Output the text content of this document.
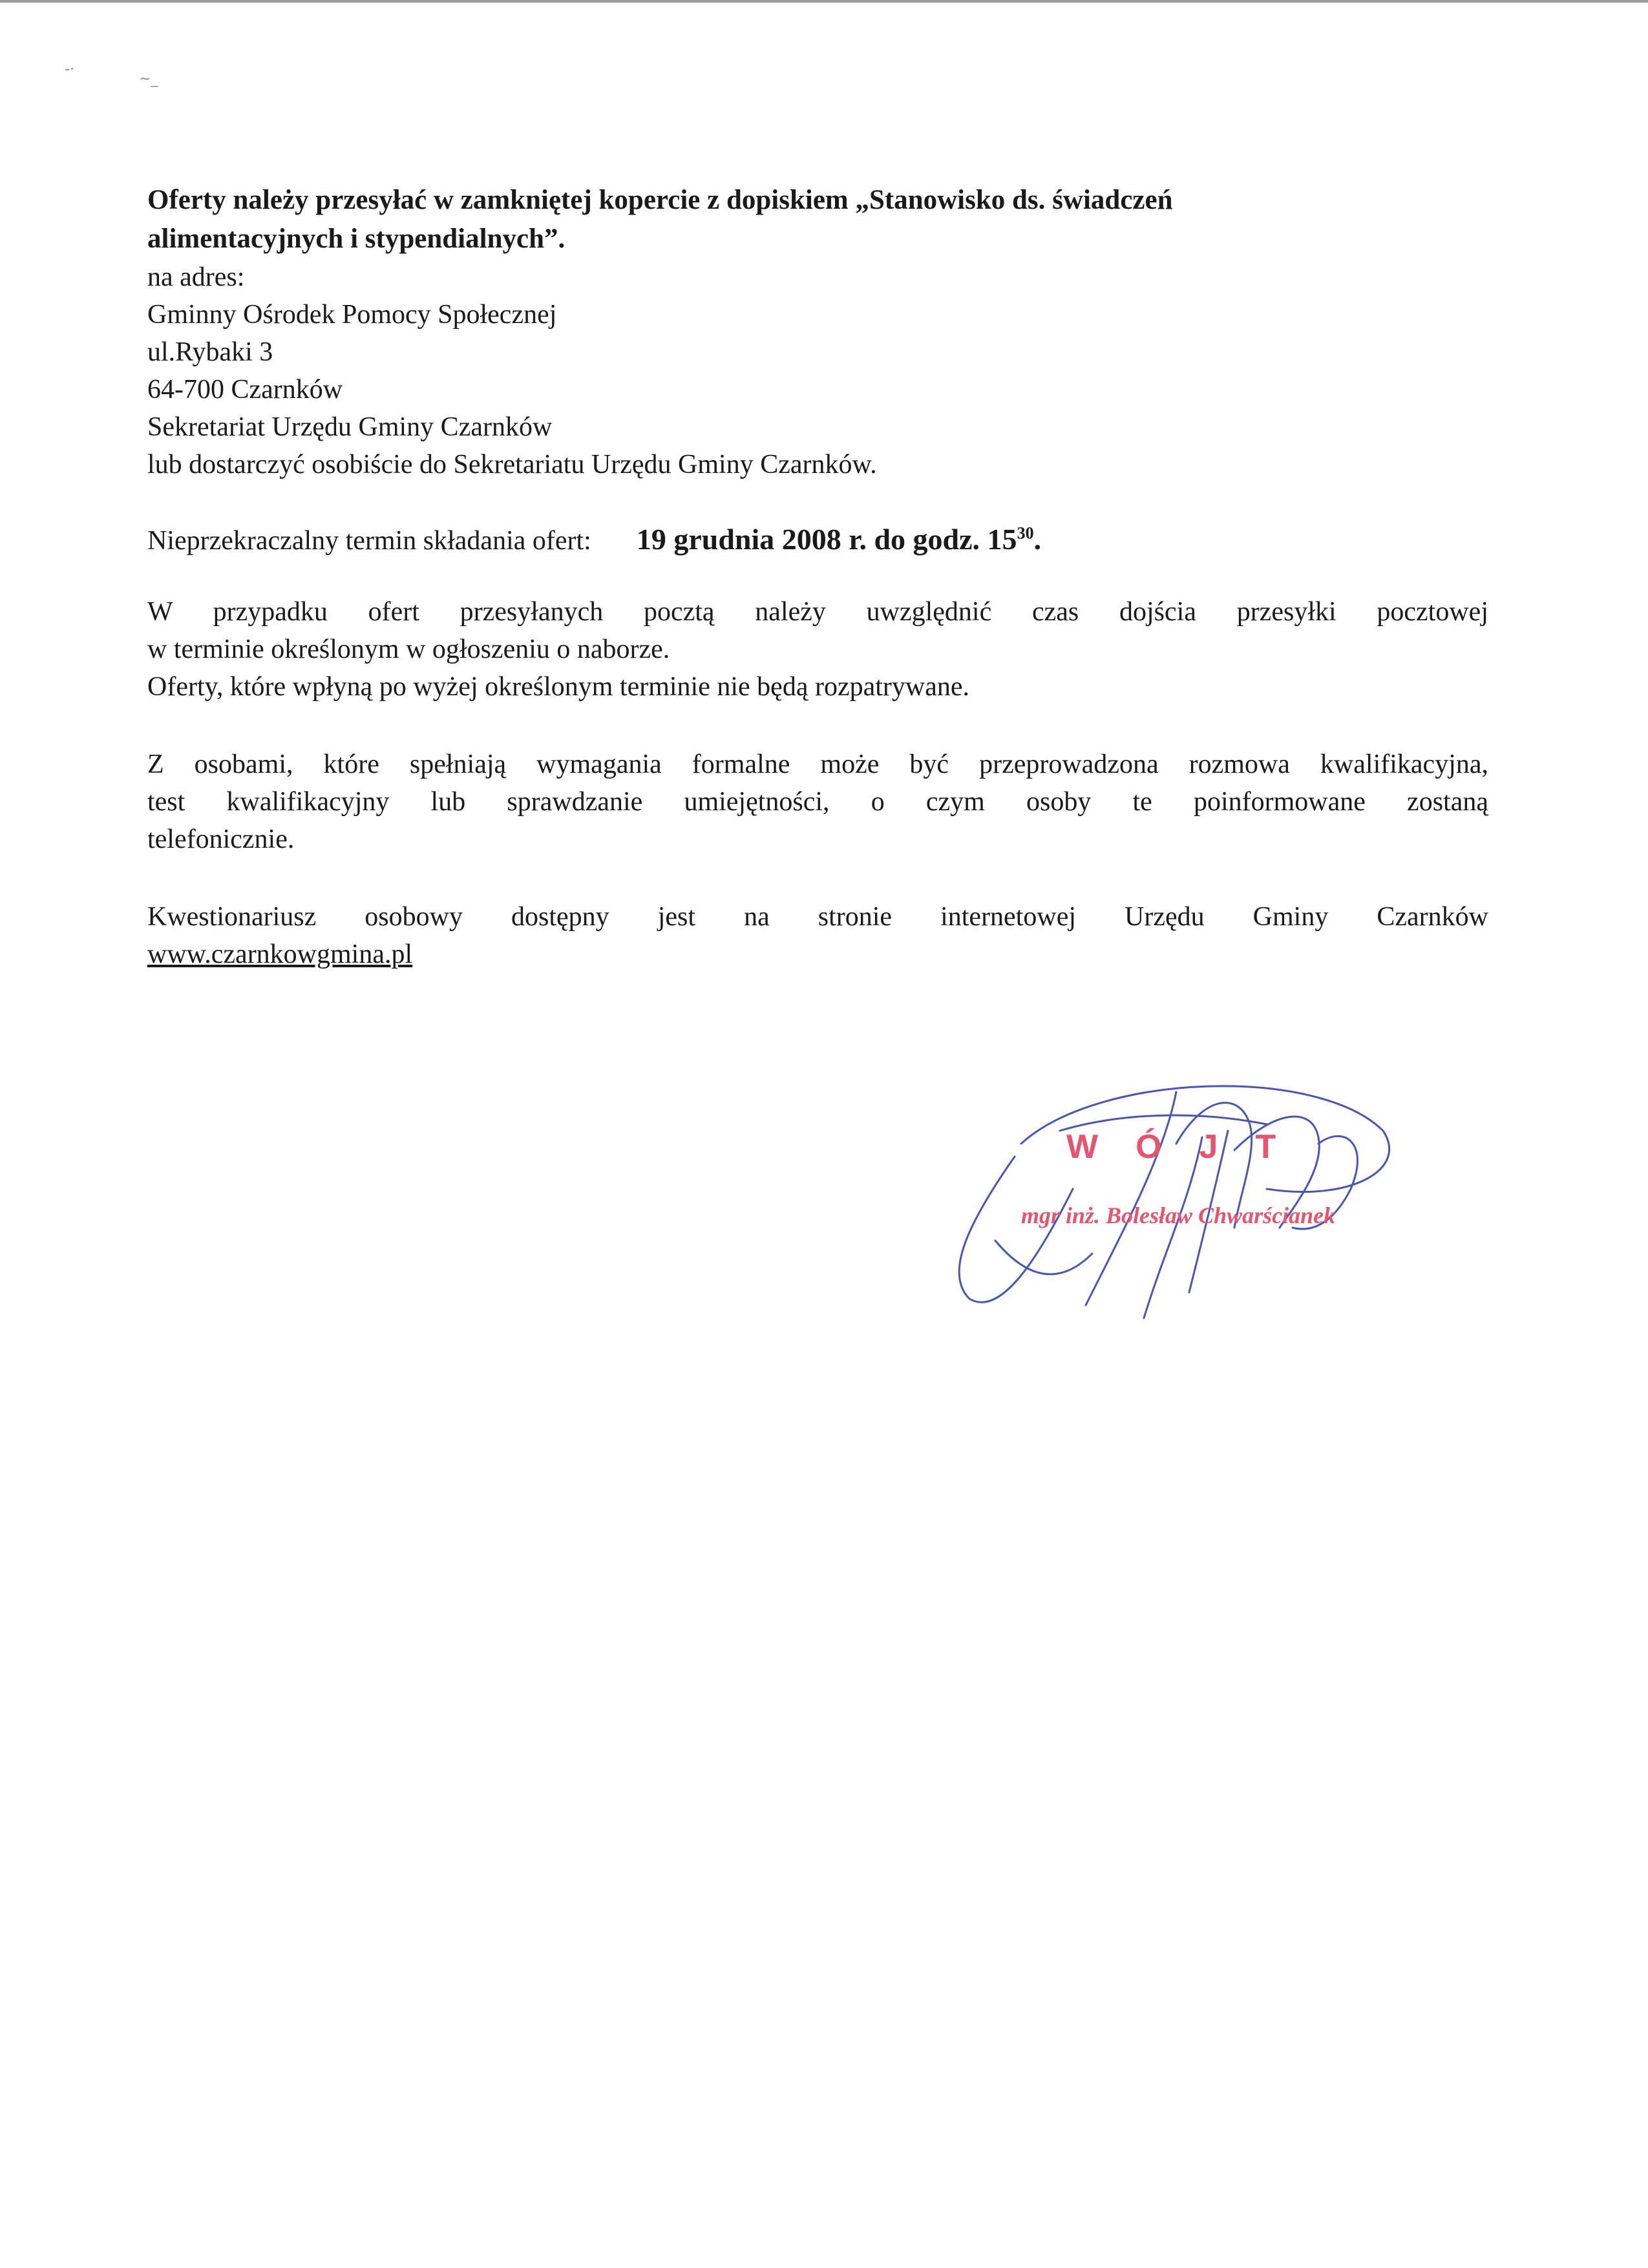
-·
~_

Oferty należy przesyłać w zamkniętej kopercie z dopiskiem „Stanowisko ds. świadczeń
alimentacyjnych i stypendialnych”.

na adres:
Gminny Ośrodek Pomocy Społecznej
ul.Rybaki 3
64-700 Czarnków
Sekretariat Urzędu Gminy Czarnków
lub dostarczyć osobiście do Sekretariatu Urzędu Gminy Czarnków.

Nieprzekraczalny termin składania ofert: 19 grudnia 2008 r. do godz. $15^{30}$.

W przypadku ofert przesyłanych pocztą należy uwzględnić czas dojścia przesyłki pocztowej

w terminie określonym w ogłoszeniu o naborze.

Oferty, które wpłyną po wyżej określonym terminie nie będą rozpatrywane.

Z osobami, które spełniają wymagania formalne może być przeprowadzona rozmowa kwalifikacyjna,

test kwalifikacyjny lub sprawdzanie umiejętności, o czym osoby te poinformowane zostaną

telefonicznie.

Kwestionariusz osobowy dostępny jest na stronie internetowej Urzędu Gminy Czarnków

www.czarnkowgmina.pl

WÓJT
mgr inż. Bolesław Chwarścianek
